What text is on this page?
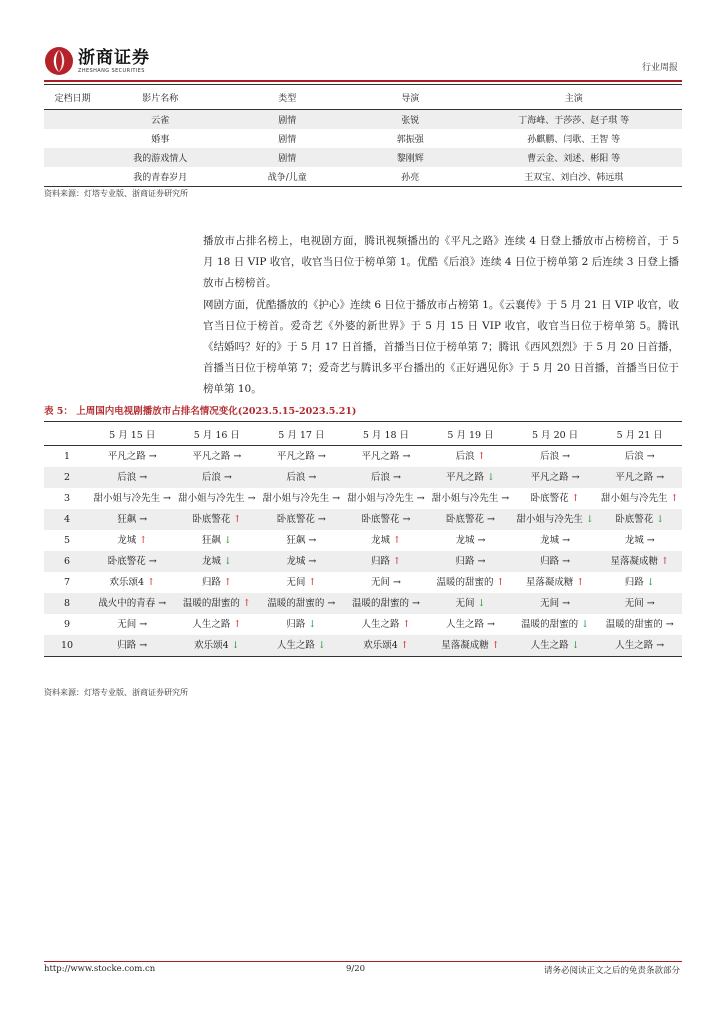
浙商证券
ZHESHANG SECURITIES	行业周报
定档日期	影片名称	类型	导演	主演
	云雀	剧情	张锐	丁海峰、于莎莎、赵子琪 等
	婚事	剧情	郭振强	孙麒鹏、闫歌、王智 等
	我的游戏情人	剧情	黎刚辉	曹云金、刘述、彬阳 等
	我的青春岁月	战争/儿童	孙亮	王双宝、刘白沙、韩远琪
资料来源：灯塔专业版、浙商证券研究所
播放市占排名榜上，电视剧方面，腾讯视频播出的《平凡之路》连续 4 日登上播放市占榜榜首，于 5 月 18 日 VIP 收官，收官当日位于榜单第 1。优酷《后浪》连续 4 日位于榜单第 2 后连续 3 日登上播放市占榜榜首。
网剧方面，优酷播放的《护心》连续 6 日位于播放市占榜第 1。《云襄传》于 5 月 21 日 VIP 收官，收官当日位于榜首。爱奇艺《外婆的新世界》于 5 月 15 日 VIP 收官，收官当日位于榜单第 5。腾讯《结婚吗？好的》于 5 月 17 日首播，首播当日位于榜单第 7；腾讯《西风烈烈》于 5 月 20 日首播，首播当日位于榜单第 7；爱奇艺与腾讯多平台播出的《正好遇见你》于 5 月 20 日首播，首播当日位于榜单第 10。
表 5： 上周国内电视剧播放市占排名情况变化(2023.5.15-2023.5.21)
	5 月 15 日	5 月 16 日	5 月 17 日	5 月 18 日	5 月 19 日	5 月 20 日	5 月 21 日
1	平凡之路 →	平凡之路 →	平凡之路 →	平凡之路 →	后浪 ↑	后浪 →	后浪 →
2	后浪 →	后浪 →	后浪 →	后浪 →	平凡之路 ↓	平凡之路 →	平凡之路 →
3	甜小姐与冷先生 →	甜小姐与冷先生 →	甜小姐与冷先生 →	甜小姐与冷先生 →	甜小姐与冷先生 →	卧底警花 ↑	甜小姐与冷先生 ↑
4	狂飙 →	卧底警花 ↑	卧底警花 →	卧底警花 →	卧底警花 →	甜小姐与冷先生 ↓	卧底警花 ↓
5	龙城 ↑	狂飙 ↓	狂飙 →	龙城 ↑	龙城 →	龙城 →	龙城 →
6	卧底警花 →	龙城 ↓	龙城 →	归路 ↑	归路 →	归路 →	星落凝成糖 ↑
7	欢乐颂4 ↑	归路 ↑	无间 ↑	无间 →	温暖的甜蜜的 ↑	星落凝成糖 ↑	归路 ↓
8	战火中的青春 →	温暖的甜蜜的 ↑	温暖的甜蜜的 →	温暖的甜蜜的 →	无间 ↓	无间 →	无间 →
9	无间 →	人生之路 ↑	归路 ↓	人生之路 ↑	人生之路 →	温暖的甜蜜的 ↓	温暖的甜蜜的 →
10	归路 →	欢乐颂4 ↓	人生之路 ↓	欢乐颂4 ↑	星落凝成糖 ↑	人生之路 ↓	人生之路 →
资料来源：灯塔专业版、浙商证券研究所
http://www.stocke.com.cn	9/20	请务必阅读正文之后的免责条款部分
